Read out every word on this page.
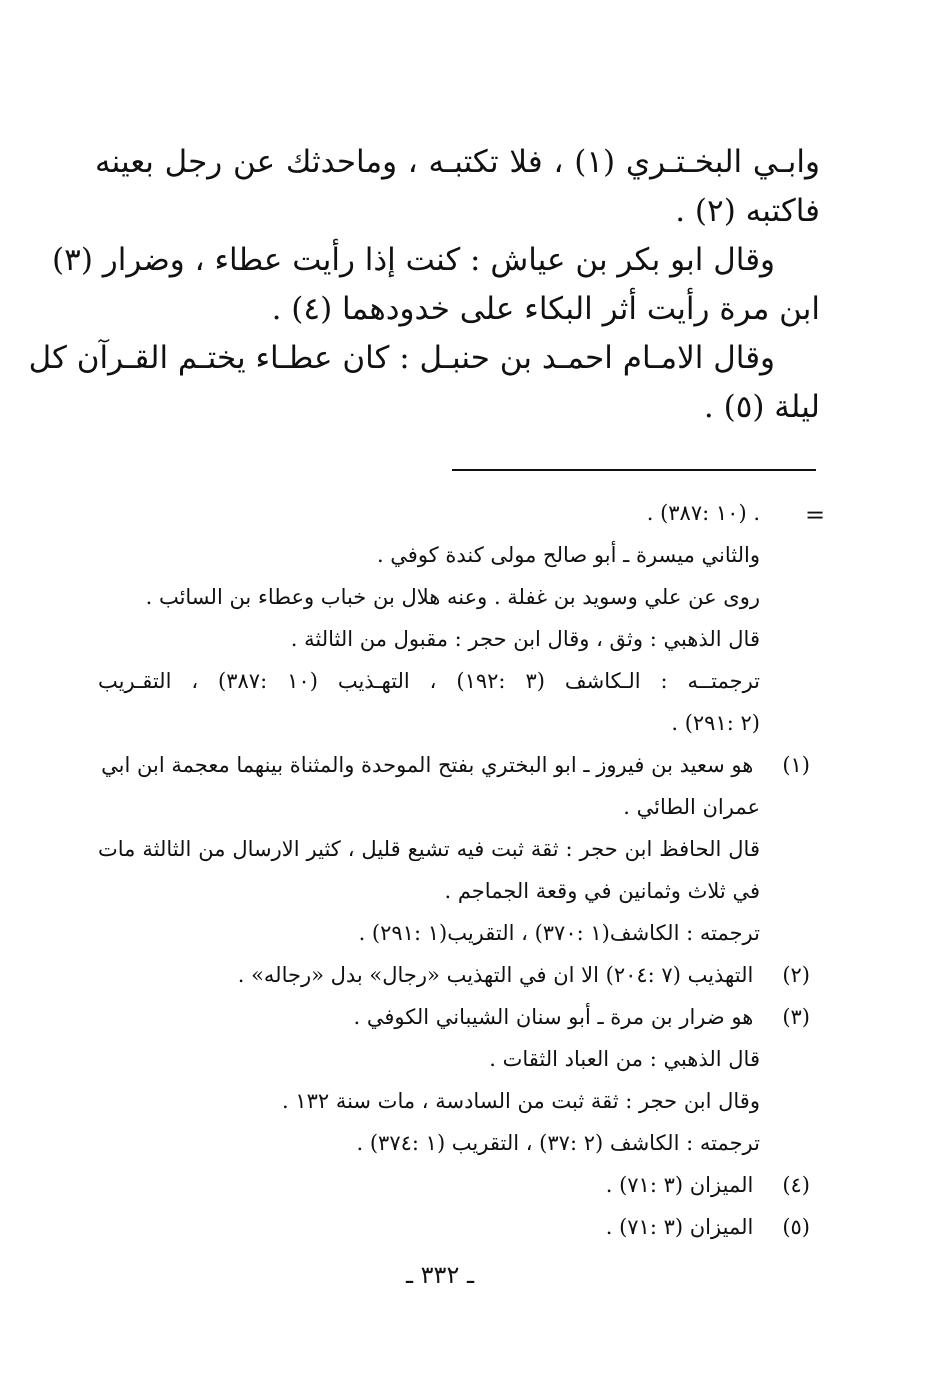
وابـي البخـتـري (١) ، فلا تكتبـه ، وماحدثك عن رجل بعينه
فاكتبه (٢) .
وقال ابو بكر بن عياش : كنت إذا رأيت عطاء ، وضرار (٣)
ابن مرة رأيت أثر البكاء على خدودهما (٤) .
وقال الامـام احمـد بن حنبـل : كان عطـاء يختـم القـرآن كل
ليلة (٥) .
=
. (١٠ :٣٨٧) .
والثاني ميسرة ـ أبو صالح مولى كندة كوفي .
روى عن علي وسويد بن غفلة . وعنه هلال بن خباب وعطاء بن السائب .
قال الذهبي : وثق ، وقال ابن حجر : مقبول من الثالثة .
ترجمتــه : الـكاشف (٣ :١٩٢) ، التهـذيب (١٠ :٣٨٧) ، التقـريب
(٢ :٢٩١) .
(١) هو سعيد بن فيروز ـ ابو البختري بفتح الموحدة والمثناة بينهما معجمة ابن ابي
عمران الطائي .
قال الحافظ ابن حجر : ثقة ثبت فيه تشيع قليل ، كثير الارسال من الثالثة مات
في ثلاث وثمانين في وقعة الجماجم .
ترجمته : الكاشف(١ :٣٧٠) ، التقريب(١ :٢٩١) .
(٢) التهذيب (٧ :٢٠٤) الا ان في التهذيب «رجال» بدل «رجاله» .
(٣) هو ضرار بن مرة ـ أبو سنان الشيباني الكوفي .
قال الذهبي : من العباد الثقات .
وقال ابن حجر : ثقة ثبت من السادسة ، مات سنة ١٣٢ .
ترجمته : الكاشف (٢ :٣٧) ، التقريب (١ :٣٧٤) .
(٤) الميزان (٣ :٧١) .
(٥) الميزان (٣ :٧١) .
ـ ٣٣٢ ـ
